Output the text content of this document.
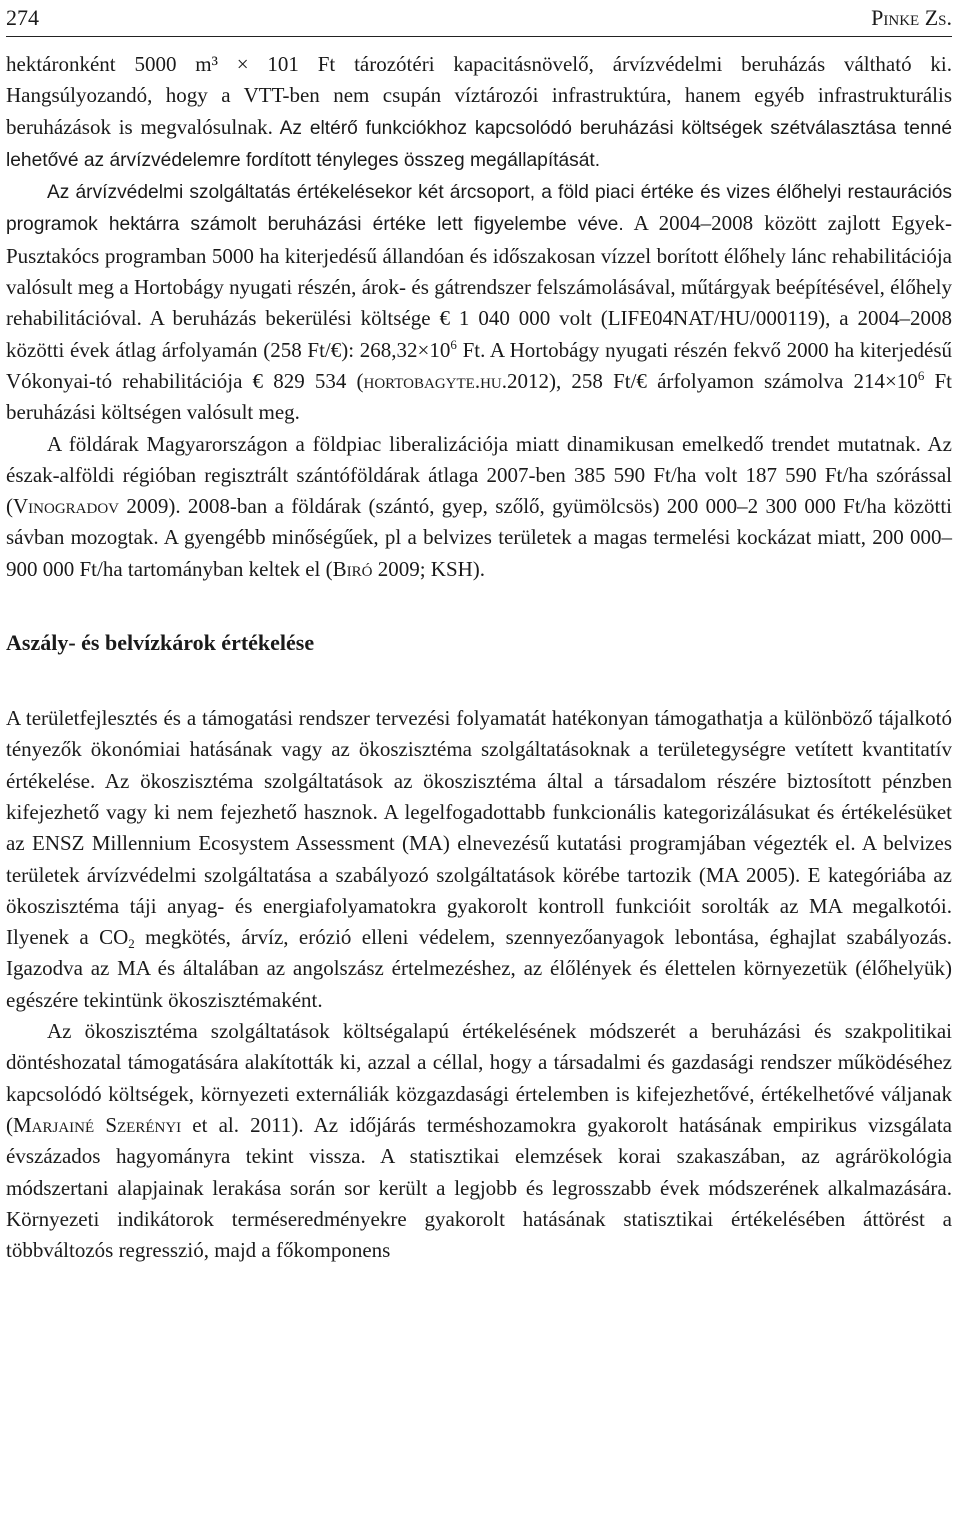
274	Pinke Zs.

hektáronként 5000 m³ × 101 Ft tározótéri kapacitásnövelő, árvízvédelmi beruházás váltható ki. Hangsúlyozandó, hogy a VTT-ben nem csupán víztározói infrastruktúra, hanem egyéb infrastrukturális beruházások is megvalósulnak. Az eltérő funkciókhoz kapcsolódó beruházási költségek szétválasztása tenné lehetővé az árvízvédelemre fordított tényleges összeg megállapítását.

Az árvízvédelmi szolgáltatás értékelésekor két árcsoport, a föld piaci értéke és vizes élőhelyi restaurációs programok hektárra számolt beruházási értéke lett figyelembe véve. A 2004–2008 között zajlott Egyek-Pusztakócs programban 5000 ha kiterjedésű állandóan és időszakosan vízzel borított élőhely lánc rehabilitációja valósult meg a Hortobágy nyugati részén, árok- és gátrendszer felszámolásával, műtárgyak beépítésével, élőhely rehabilitációval. A beruházás bekerülési költsége € 1 040 000 volt (LIFE04NAT/HU/000119), a 2004–2008 közötti évek átlag árfolyamán (258 Ft/€): $268,32\times 10^6$ Ft. A Hortobágy nyugati részén fekvő 2000 ha kiterjedésű Vókonyai-tó rehabilitációja € 829 534 (hortobagyte.hu.2012), 258 Ft/€ árfolyamon számolva $214\times 10^6$ Ft beruházási költségen valósult meg.

A földárak Magyarországon a földpiac liberalizációja miatt dinamikusan emelkedő trendet mutatnak. Az észak-alföldi régióban regisztrált szántóföldárak átlaga 2007-ben 385 590 Ft/ha volt 187 590 Ft/ha szórással (Vinogradov 2009). 2008-ban a földárak (szántó, gyep, szőlő, gyümölcsös) 200 000–2 300 000 Ft/ha közötti sávban mozogtak. A gyengébb minőségűek, pl a belvizes területek a magas termelési kockázat miatt, 200 000–900 000 Ft/ha tartományban keltek el (Biró 2009; KSH).

Aszály- és belvízkárok értékelése

A területfejlesztés és a támogatási rendszer tervezési folyamatát hatékonyan támogathatja a különböző tájalkotó tényezők ökonómiai hatásának vagy az ökoszisztéma szolgáltatásoknak a területegységre vetített kvantitatív értékelése. Az ökoszisztéma szolgáltatások az ökoszisztéma által a társadalom részére biztosított pénzben kifejezhető vagy ki nem fejezhető hasznok. A legelfogadottabb funkcionális kategorizálásukat és értékelésüket az ENSZ Millennium Ecosystem Assessment (MA) elnevezésű kutatási programjában végezték el. A belvizes területek árvízvédelmi szolgáltatása a szabályozó szolgáltatások körébe tartozik (MA 2005). E kategóriába az ökoszisztéma táji anyag- és energiafolyamatokra gyakorolt kontroll funkcióit sorolták az MA megalkotói. Ilyenek a $CO_2$ megkötés, árvíz, erózió elleni védelem, szennyezőanyagok lebontása, éghajlat szabályozás. Igazodva az MA és általában az angolszász értelmezéshez, az élőlények és élettelen környezetük (élőhelyük) egészére tekintünk ökoszisztémaként.

Az ökoszisztéma szolgáltatások költségalapú értékelésének módszerét a beruházási és szakpolitikai döntéshozatal támogatására alakították ki, azzal a céllal, hogy a társadalmi és gazdasági rendszer működéséhez kapcsolódó költségek, környezeti externáliák közgazdasági értelemben is kifejezhetővé, értékelhetővé váljanak (Marjainé Szerényi et al. 2011). Az időjárás terméshozamokra gyakorolt hatásának empirikus vizsgálata évszázados hagyományra tekint vissza. A statisztikai elemzések korai szakaszában, az agrárökológia módszertani alapjainak lerakása során sor került a legjobb és legrosszabb évek módszerének alkalmazására. Környezeti indikátorok terméseredményekre gyakorolt hatásának statisztikai értékelésében áttörést a többváltozós regresszió, majd a főkomponens
